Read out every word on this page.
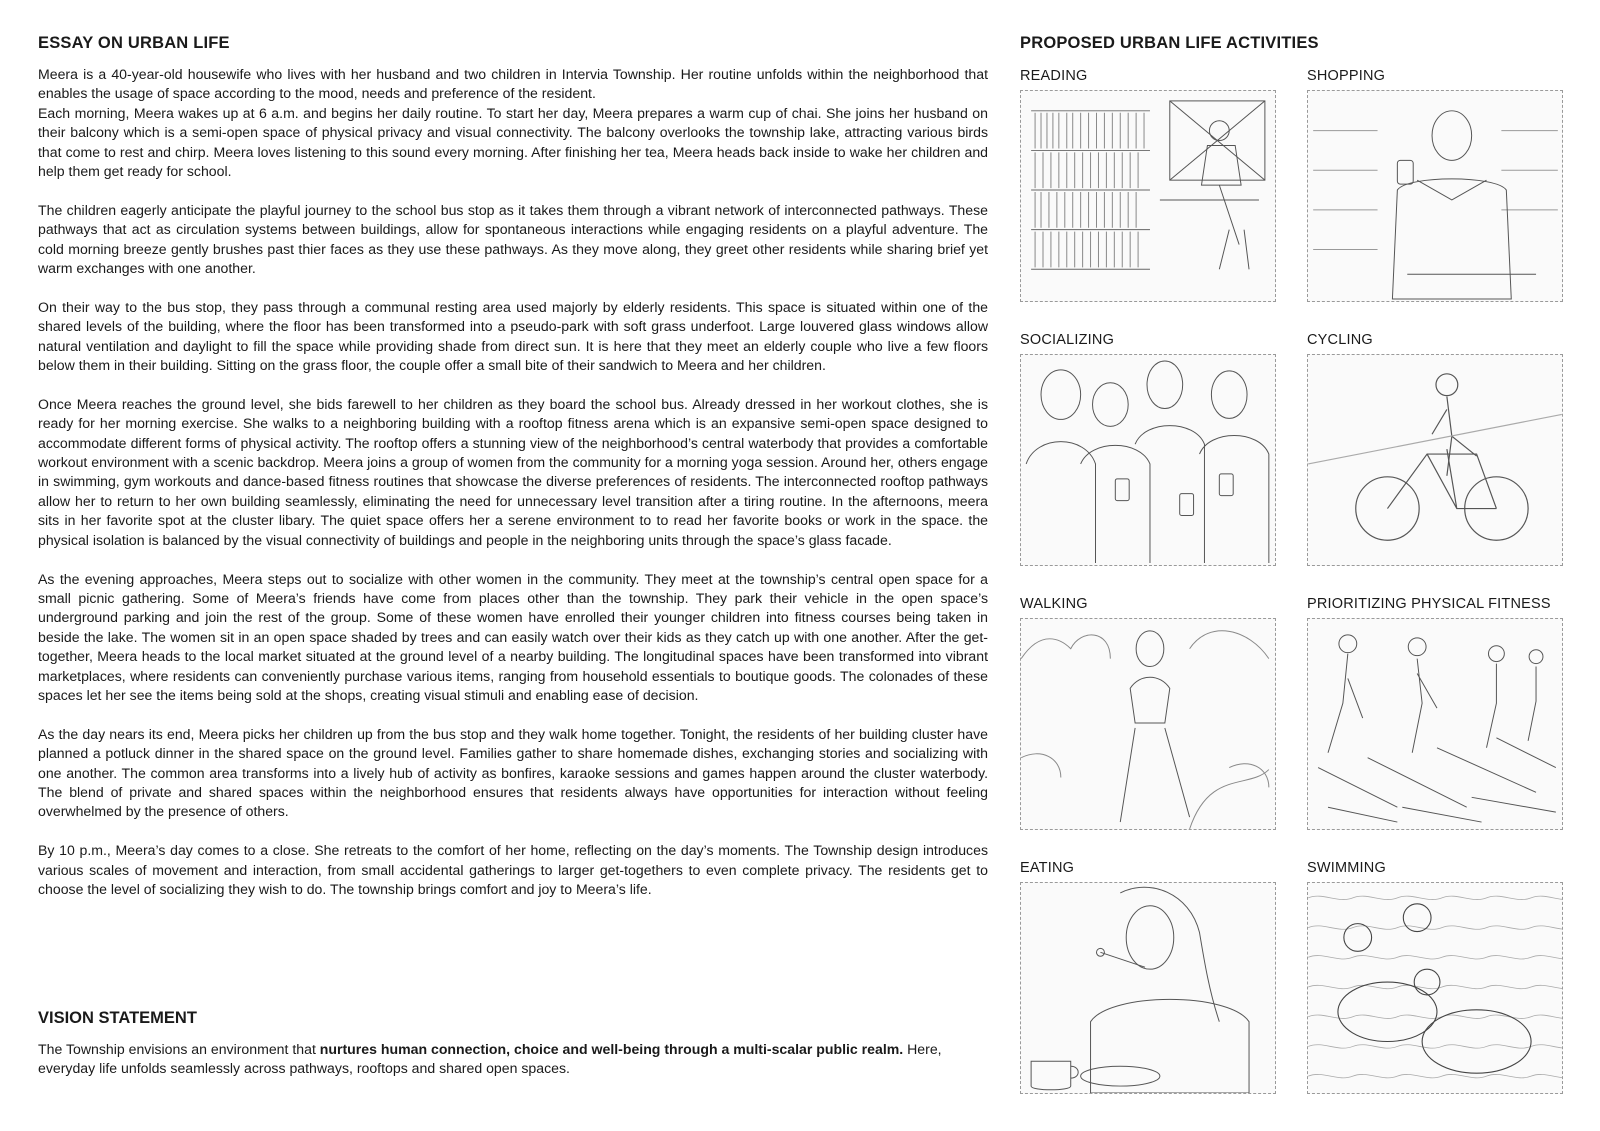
ESSAY ON URBAN LIFE

Meera is a 40-year-old housewife who lives with her husband and two children in Intervia Township. Her routine unfolds within the neighborhood that enables the usage of space according to the mood, needs and preference of the resident.

Each morning, Meera wakes up at 6 a.m. and begins her daily routine. To start her day, Meera prepares a warm cup of chai. She joins her husband on their balcony which is a semi-open space of physical privacy and visual connectivity. The balcony overlooks the township lake, attracting various birds that come to rest and chirp. Meera loves listening to this sound every morning. After finishing her tea, Meera heads back inside to wake her children and help them get ready for school.

The children eagerly anticipate the playful journey to the school bus stop as it takes them through a vibrant network of interconnected pathways. These pathways that act as circulation systems between buildings, allow for spontaneous interactions while engaging residents on a playful adventure. The cold morning breeze gently brushes past thier faces as they use these pathways. As they move along, they greet other residents while sharing brief yet warm exchanges with one another.

On their way to the bus stop, they pass through a communal resting area used majorly by elderly residents. This space is situated within one of the shared levels of the building, where the floor has been transformed into a pseudo-park with soft grass underfoot. Large louvered glass windows allow natural ventilation and daylight to fill the space while providing shade from direct sun. It is here that they meet an elderly couple who live a few floors below them in their building. Sitting on the grass floor, the couple offer a small bite of their sandwich to Meera and her children.

Once Meera reaches the ground level, she bids farewell to her children as they board the school bus. Already dressed in her workout clothes, she is ready for her morning exercise. She walks to a neighboring building with a rooftop fitness arena which is an expansive semi-open space designed to accommodate different forms of physical activity. The rooftop offers a stunning view of the neighborhood’s central waterbody that provides a comfortable workout environment with a scenic backdrop. Meera joins a group of women from the community for a morning yoga session. Around her, others engage in swimming, gym workouts and dance-based fitness routines that showcase the diverse preferences of residents. The interconnected rooftop pathways allow her to return to her own building seamlessly, eliminating the need for unnecessary level transition after a tiring routine. In the afternoons, meera sits in her favorite spot at the cluster libary. The quiet space offers her a serene environment to to read her favorite books or work in the space. the physical isolation is balanced by the visual connectivity of buildings and people in the neighboring units through the space’s glass facade.

As the evening approaches, Meera steps out to socialize with other women in the community. They meet at the township’s central open space for a small picnic gathering. Some of Meera’s friends have come from places other than the township. They park their vehicle in the open space’s underground parking and join the rest of the group. Some of these women have enrolled their younger children into fitness courses being taken in beside the lake. The women sit in an open space shaded by trees and can easily watch over their kids as they catch up with one another. After the get-together, Meera heads to the local market situated at the ground level of a nearby building. The longitudinal spaces have been transformed into vibrant marketplaces, where residents can conveniently purchase various items, ranging from household essentials to boutique goods. The colonades of these spaces let her see the items being sold at the shops, creating visual stimuli and enabling ease of decision.

As the day nears its end, Meera picks her children up from the bus stop and they walk home together. Tonight, the residents of her building cluster have planned a potluck dinner in the shared space on the ground level. Families gather to share homemade dishes, exchanging stories and socializing with one another. The common area transforms into a lively hub of activity as bonfires, karaoke sessions and games happen around the cluster waterbody. The blend of private and shared spaces within the neighborhood ensures that residents always have opportunities for interaction without feeling overwhelmed by the presence of others.

By 10 p.m., Meera’s day comes to a close. She retreats to the comfort of her home, reflecting on the day’s moments. The Township design introduces various scales of movement and interaction, from small accidental gatherings to larger get-togethers to even complete privacy. The residents get to choose the level of socializing they wish to do. The township brings comfort and joy to Meera’s life.

VISION STATEMENT

The Township envisions an environment that nurtures human connection, choice and well-being through a multi-scalar public realm. Here, everyday life unfolds seamlessly across pathways, rooftops and shared open spaces.

PROPOSED URBAN LIFE ACTIVITIES
READING	SHOPPING
SOCIALIZING	CYCLING
WALKING	PRIORITIZING PHYSICAL FITNESS
EATING	SWIMMING
